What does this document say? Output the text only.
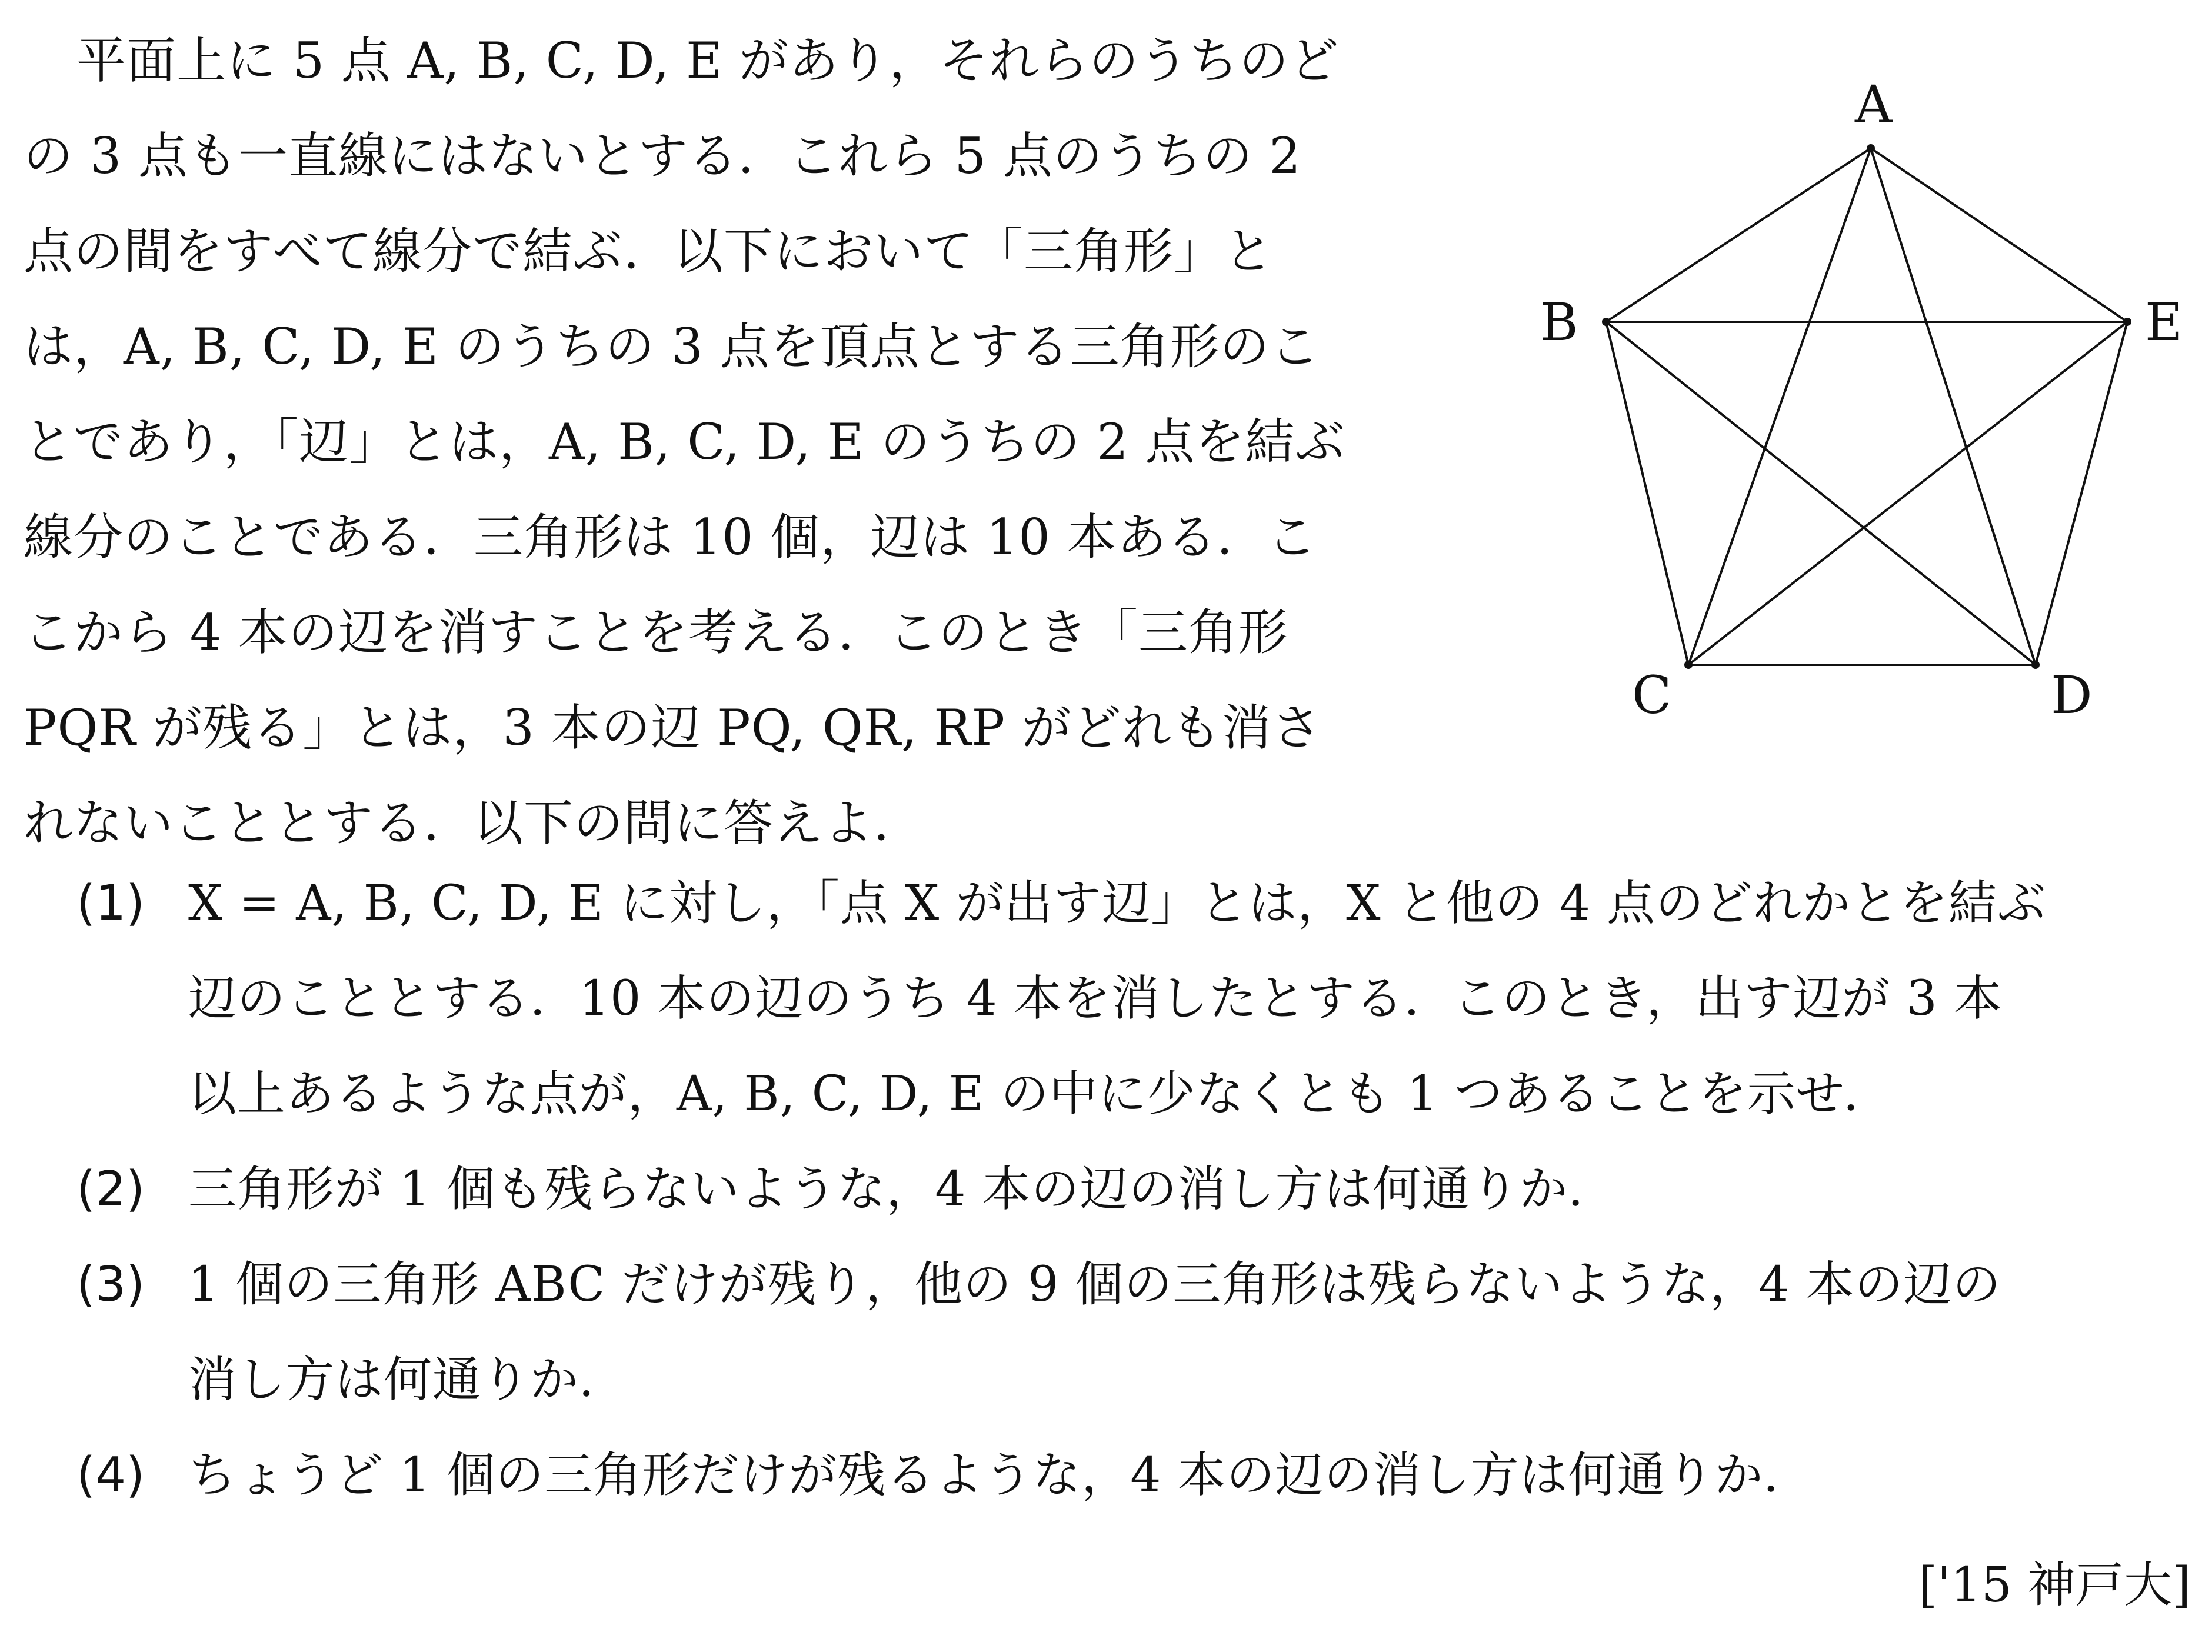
平面上に 5 点 A, B, C, D, E があり，それらのうちのど
の 3 点も一直線にはないとする．これら 5 点のうちの 2
点の間をすべて線分で結ぶ．以下において「三角形」と
は，A, B, C, D, E のうちの 3 点を頂点とする三角形のこ
とであり，「辺」とは，A, B, C, D, E のうちの 2 点を結ぶ
線分のことである．三角形は 10 個，辺は 10 本ある．こ
こから 4 本の辺を消すことを考える．このとき「三角形
PQR が残る」とは，3 本の辺 PQ, QR, RP がどれも消さ
れないこととする．以下の問に答えよ．
A
B
C	D
E
(1) X = A, B, C, D, E に対し，「点 X が出す辺」とは，X と他の 4 点のどれかとを結ぶ
辺のこととする．10 本の辺のうち 4 本を消したとする．このとき，出す辺が 3 本
以上あるような点が，A, B, C, D, E の中に少なくとも 1 つあることを示せ．
(2) 三角形が 1 個も残らないような，4 本の辺の消し方は何通りか．
(3) 1 個の三角形 ABC だけが残り，他の 9 個の三角形は残らないような，4 本の辺の
消し方は何通りか．
(4) ちょうど 1 個の三角形だけが残るような，4 本の辺の消し方は何通りか．
['15 神戸大]
